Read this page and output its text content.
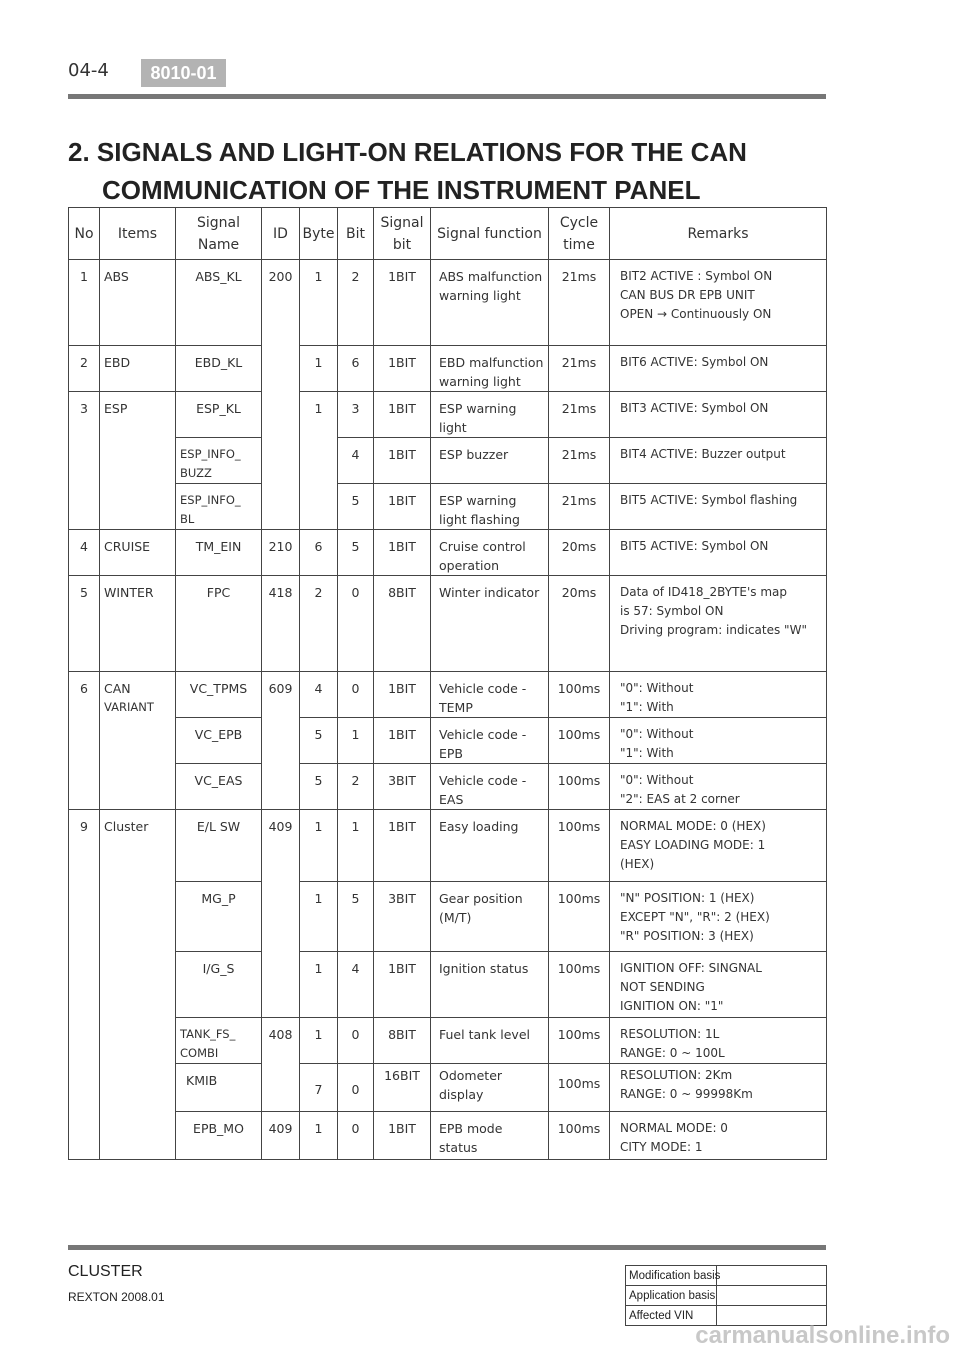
04-4	8010-01
2. SIGNALS AND LIGHT-ON RELATIONS FOR THE CAN
COMMUNICATION OF THE INSTRUMENT PANEL
No	Items	Signal
Name	ID	Byte	Bit	Signal
bit	Signal function	Cycle
time	Remarks
1	ABS	ABS_KL	200	1	2	1BIT	ABS malfunction
warning light	21ms	BIT2 ACTIVE : Symbol ON
CAN BUS DR EPB UNIT
OPEN → Continuously ON

2	EBD	EBD_KL		1	6	1BIT	EBD malfunction
warning light	21ms	BIT6 ACTIVE: Symbol ON
3	ESP	ESP_KL		1	3	1BIT	ESP warning
light	21ms	BIT3 ACTIVE: Symbol ON

		ESP_INFO_
BUZZ			4	1BIT	ESP buzzer	21ms	BIT4 ACTIVE: Buzzer output

		ESP_INFO_
BL			5	1BIT	ESP warning
light flashing	21ms	BIT5 ACTIVE: Symbol flashing
4	CRUISE	TM_EIN	210	6	5	1BIT	Cruise control
operation	20ms	BIT5 ACTIVE: Symbol ON
5	WINTER	FPC	418	2	0	8BIT	Winter indicator	20ms	Data of ID418_2BYTE's map
is 57: Symbol ON
Driving program: indicates "W"

6	CAN
VARIANT	VC_TPMS	609	4	0	1BIT	Vehicle code -
TEMP	100ms	"0": Without
"1": With

		VC_EPB		5	1	1BIT	Vehicle code -
EPB	100ms	"0": Without
"1": With

		VC_EAS		5	2	3BIT	Vehicle code -
EAS	100ms	"0": Without
"2": EAS at 2 corner

9	Cluster	E/L SW	409	1	1	1BIT	Easy loading	100ms	NORMAL MODE: 0 (HEX)
EASY LOADING MODE: 1
(HEX)

		MG_P		1	5	3BIT	Gear position
(M/T)	100ms	"N" POSITION: 1 (HEX)
EXCEPT "N", "R": 2 (HEX)
"R" POSITION: 3 (HEX)

		I/G_S		1	4	1BIT	Ignition status	100ms	IGNITION OFF: SINGNAL
NOT SENDING
IGNITION ON: "1"

		TANK_FS_
COMBI	408	1	0	8BIT	Fuel tank level	100ms	RESOLUTION: 1L
RANGE: 0 ~ 100L

		KMIB		7	0	16BIT	Odometer
display	100ms	RESOLUTION: 2Km
RANGE: 0 ~ 99998Km

		EPB_MO	409	1	0	1BIT	EPB mode
status	100ms	NORMAL MODE: 0
CITY MODE: 1
CLUSTER
REXTON 2008.01
Modification basis	
Application basis	
Affected VIN	
carmanualsonline.info
